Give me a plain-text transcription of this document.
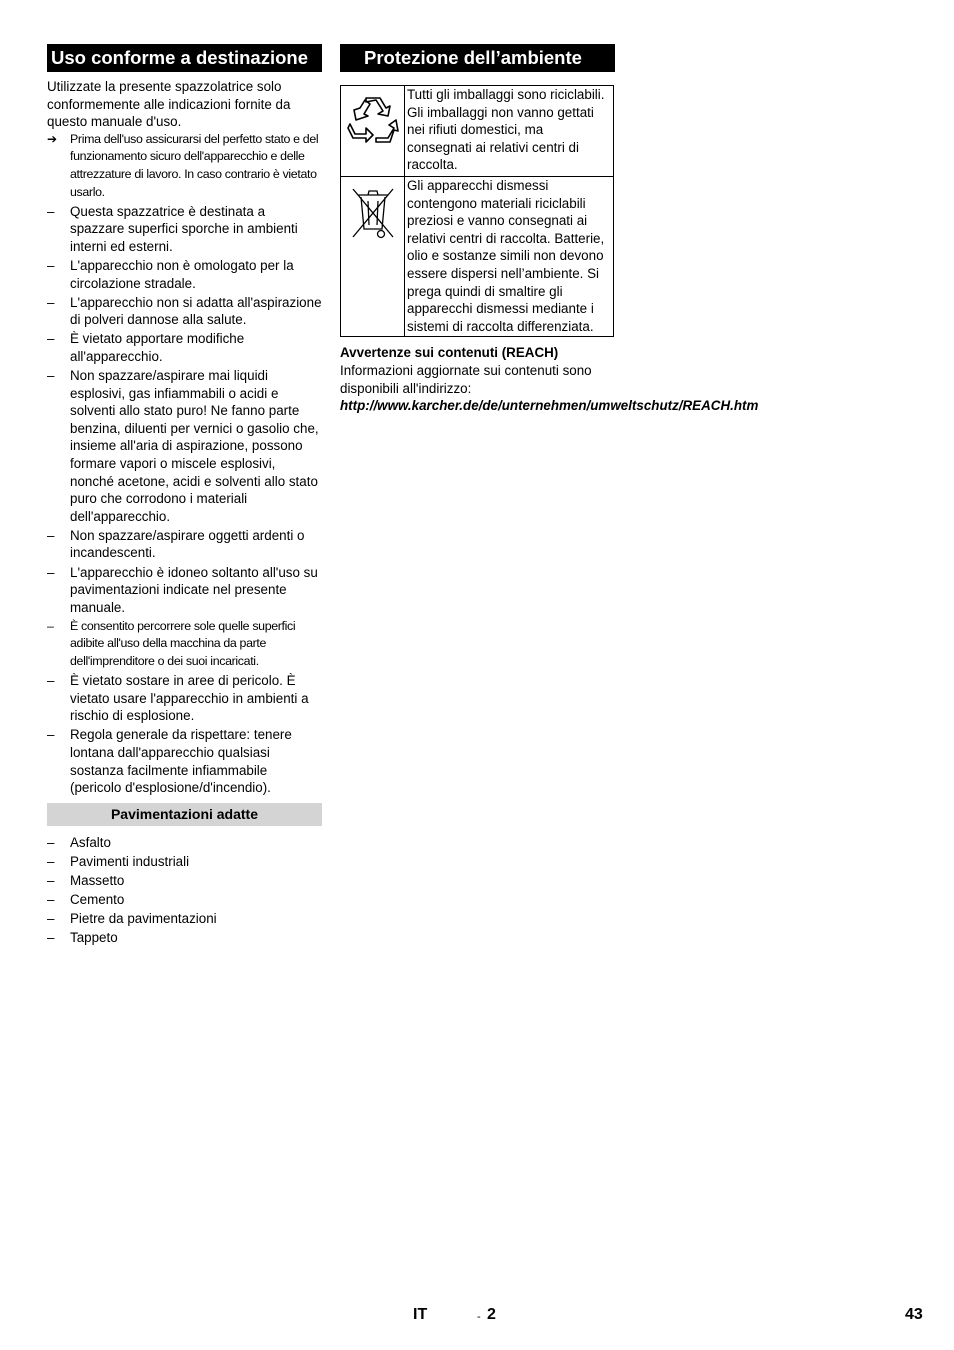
Uso conforme a destinazione
Utilizzate la presente spazzolatrice solo conformemente alle indicazioni fornite da questo manuale d'uso.
➔	Prima dell'uso assicurarsi del perfetto stato e del funzionamento sicuro dell'apparecchio e delle attrezzature di lavoro. In caso contrario è vietato usarlo.
–	Questa spazzatrice è destinata a spazzare superfici sporche in ambienti interni ed esterni.
–	L'apparecchio non è omologato per la circolazione stradale.
–	L'apparecchio non si adatta all'aspirazione di polveri dannose alla salute.
–	È vietato apportare modifiche all'apparecchio.
–	Non spazzare/aspirare mai liquidi esplosivi, gas infiammabili o acidi e solventi allo stato puro! Ne fanno parte benzina, diluenti per vernici o gasolio che, insieme all'aria di aspirazione, possono formare vapori o miscele esplosivi, nonché acetone, acidi e solventi allo stato puro che corrodono i materiali dell'apparecchio.
–	Non spazzare/aspirare oggetti ardenti o incandescenti.
–	L'apparecchio è idoneo soltanto all'uso su pavimentazioni indicate nel presente manuale.
–	È consentito percorrere sole quelle superfici adibite all'uso della macchina da parte dell'imprenditore o dei suoi incaricati.
–	È vietato sostare in aree di pericolo. È vietato usare l'apparecchio in ambienti a rischio di esplosione.
–	Regola generale da rispettare: tenere lontana dall'apparecchio qualsiasi sostanza facilmente infiammabile (pericolo d'esplosione/d'incendio).
Pavimentazioni adatte
–	Asfalto
–	Pavimenti industriali
–	Massetto
–	Cemento
–	Pietre da pavimentazioni
–	Tappeto
Protezione dell’ambiente
	Tutti gli imballaggi sono riciclabili. Gli imballaggi non vanno gettati nei rifiuti domestici, ma consegnati ai relativi centri di raccolta.

	Gli apparecchi dismessi contengono materiali riciclabili preziosi e vanno consegnati ai relativi centri di raccolta. Batterie, olio e sostanze simili non devono essere dispersi nell’ambiente. Si prega quindi di smaltire gli apparecchi dismessi mediante i sistemi di raccolta differenziata.
Avvertenze sui contenuti (REACH)
Informazioni aggiornate sui contenuti sono disponibili all'indirizzo:
http://www.karcher.de/de/unternehmen/umweltschutz/REACH.htm
IT	- 2	43
